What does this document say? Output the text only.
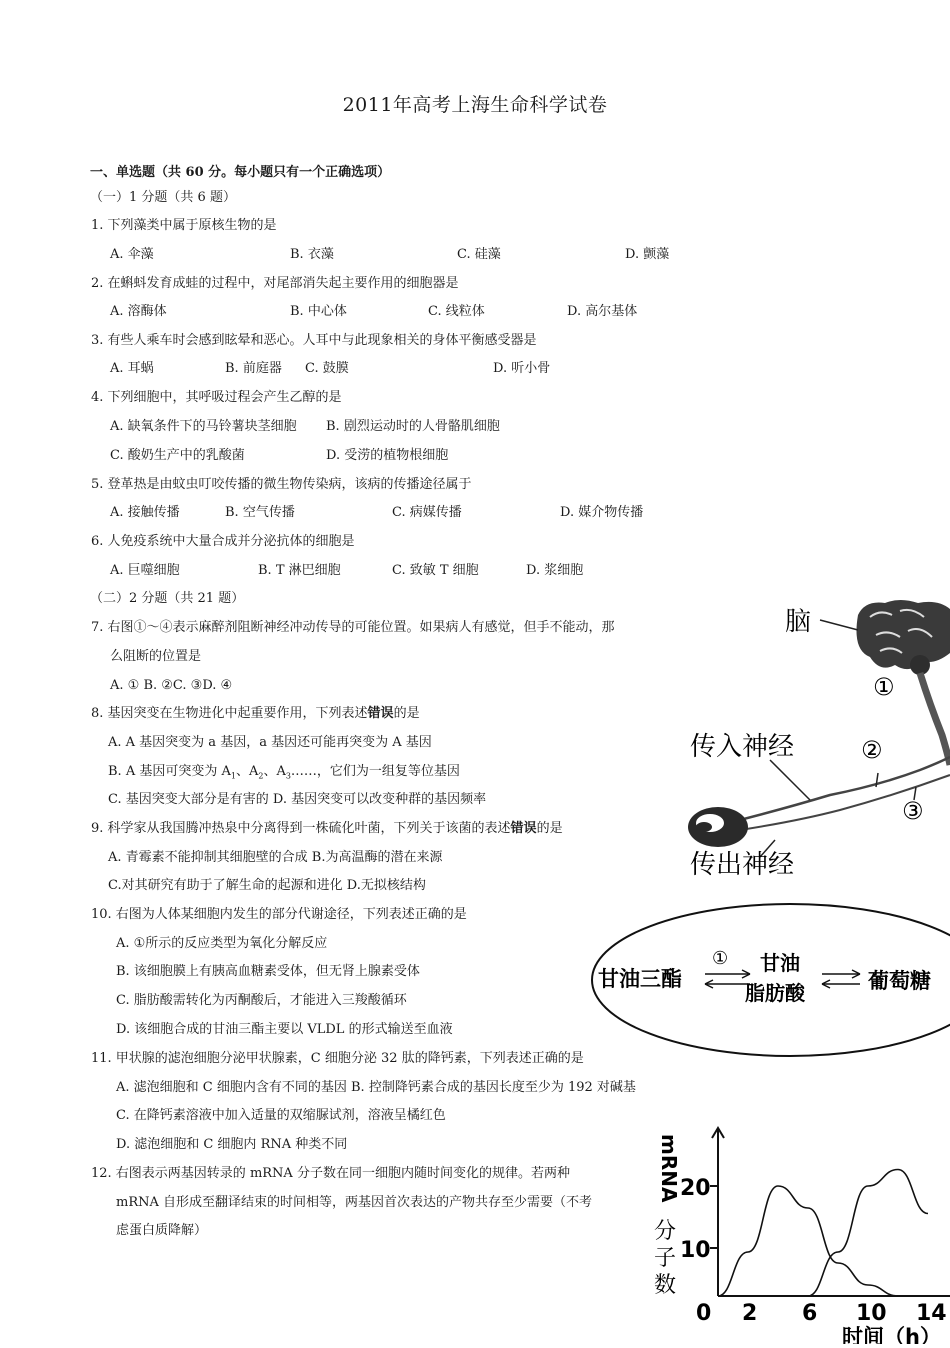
2011年高考上海生命科学试卷
一、单选题（共 60 分。每小题只有一个正确选项）
（一）1 分题（共 6 题）
1. 下列藻类中属于原核生物的是
A. 伞藻	B. 衣藻	C. 硅藻	D. 颤藻
2. 在蝌蚪发育成蛙的过程中，对尾部消失起主要作用的细胞器是
A. 溶酶体	B. 中心体	C. 线粒体	D. 高尔基体
3. 有些人乘车时会感到眩晕和恶心。人耳中与此现象相关的身体平衡感受器是
A. 耳蜗	B. 前庭器 C. 鼓膜	D. 听小骨
4. 下列细胞中，其呼吸过程会产生乙醇的是
A. 缺氧条件下的马铃薯块茎细胞 B. 剧烈运动时的人骨骼肌细胞
C. 酸奶生产中的乳酸菌	D. 受涝的植物根细胞
5. 登革热是由蚊虫叮咬传播的微生物传染病，该病的传播途径属于
A. 接触传播	B. 空气传播	C. 病媒传播	D. 媒介物传播
6. 人免疫系统中大量合成并分泌抗体的细胞是
A. 巨噬细胞	B. T 淋巴细胞	C. 致敏 T 细胞	D. 浆细胞
（二）2 分题（共 21 题）
7. 右图①～④表示麻醉剂阻断神经冲动传导的可能位置。如果病人有感觉，但手不能动，那
么阻断的位置是
A. ① B. ②C. ③D. ④
8. 基因突变在生物进化中起重要作用，下列表述错误的是
A. A 基因突变为 a 基因，a 基因还可能再突变为 A 基因
B. A 基因可突变为 $A_1$、$A_2$、$A_3\dots\dots$，它们为一组复等位基因
C. 基因突变大部分是有害的 D. 基因突变可以改变种群的基因频率
9. 科学家从我国腾冲热泉中分离得到一株硫化叶菌，下列关于该菌的表述错误的是
A. 青霉素不能抑制其细胞壁的合成 B.为高温酶的潜在来源
C.对其研究有助于了解生命的起源和进化 D.无拟核结构
10. 右图为人体某细胞内发生的部分代谢途径，下列表述正确的是
A. ①所示的反应类型为氧化分解反应
B. 该细胞膜上有胰高血糖素受体，但无肾上腺素受体
C. 脂肪酸需转化为丙酮酸后，才能进入三羧酸循环
D. 该细胞合成的甘油三酯主要以 VLDL 的形式输送至血液
11. 甲状腺的滤泡细胞分泌甲状腺素，C 细胞分泌 32 肽的降钙素，下列表述正确的是
A. 滤泡细胞和 C 细胞内含有不同的基因 B. 控制降钙素合成的基因长度至少为 192 对碱基
C. 在降钙素溶液中加入适量的双缩脲试剂，溶液呈橘红色
D. 滤泡细胞和 C 细胞内 RNA 种类不同
12. 右图表示两基因转录的 mRNA 分子数在同一细胞内随时间变化的规律。若两种
mRNA 自形成至翻译结束的时间相等，两基因首次表达的产物共存至少需要（不考
虑蛋白质降解）
脑
传入神经
传出神经
①
②
③
甘油三酯
① 甘油
脂肪酸	葡萄糖
mRNA
分
子
数
20
10
0 2 6 10 14
时间（h）
